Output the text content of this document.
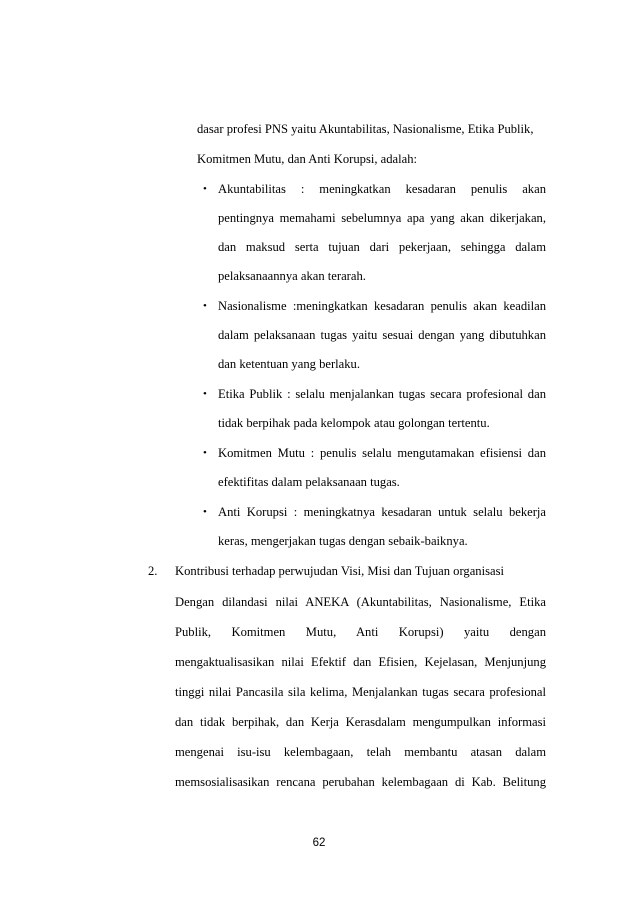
dasar profesi PNS yaitu Akuntabilitas, Nasionalisme, Etika Publik,
Komitmen Mutu, dan Anti Korupsi, adalah:
• Akuntabilitas : meningkatkan kesadaran penulis akan
pentingnya memahami sebelumnya apa yang akan dikerjakan,
dan maksud serta tujuan dari pekerjaan, sehingga dalam
pelaksanaannya akan terarah.
• Nasionalisme :meningkatkan kesadaran penulis akan keadilan
dalam pelaksanaan tugas yaitu sesuai dengan yang dibutuhkan
dan ketentuan yang berlaku.
• Etika Publik : selalu menjalankan tugas secara profesional dan
tidak berpihak pada kelompok atau golongan tertentu.
• Komitmen Mutu : penulis selalu mengutamakan efisiensi dan
efektifitas dalam pelaksanaan tugas.
• Anti Korupsi : meningkatnya kesadaran untuk selalu bekerja
keras, mengerjakan tugas dengan sebaik-baiknya.
2. Kontribusi terhadap perwujudan Visi, Misi dan Tujuan organisasi
Dengan dilandasi nilai ANEKA (Akuntabilitas, Nasionalisme, Etika
Publik, Komitmen Mutu, Anti Korupsi) yaitu dengan
mengaktualisasikan nilai Efektif dan Efisien, Kejelasan, Menjunjung
tinggi nilai Pancasila sila kelima, Menjalankan tugas secara profesional
dan tidak berpihak, dan Kerja Kerasdalam mengumpulkan informasi
mengenai isu-isu kelembagaan, telah membantu atasan dalam
memsosialisasikan rencana perubahan kelembagaan di Kab. Belitung
62
